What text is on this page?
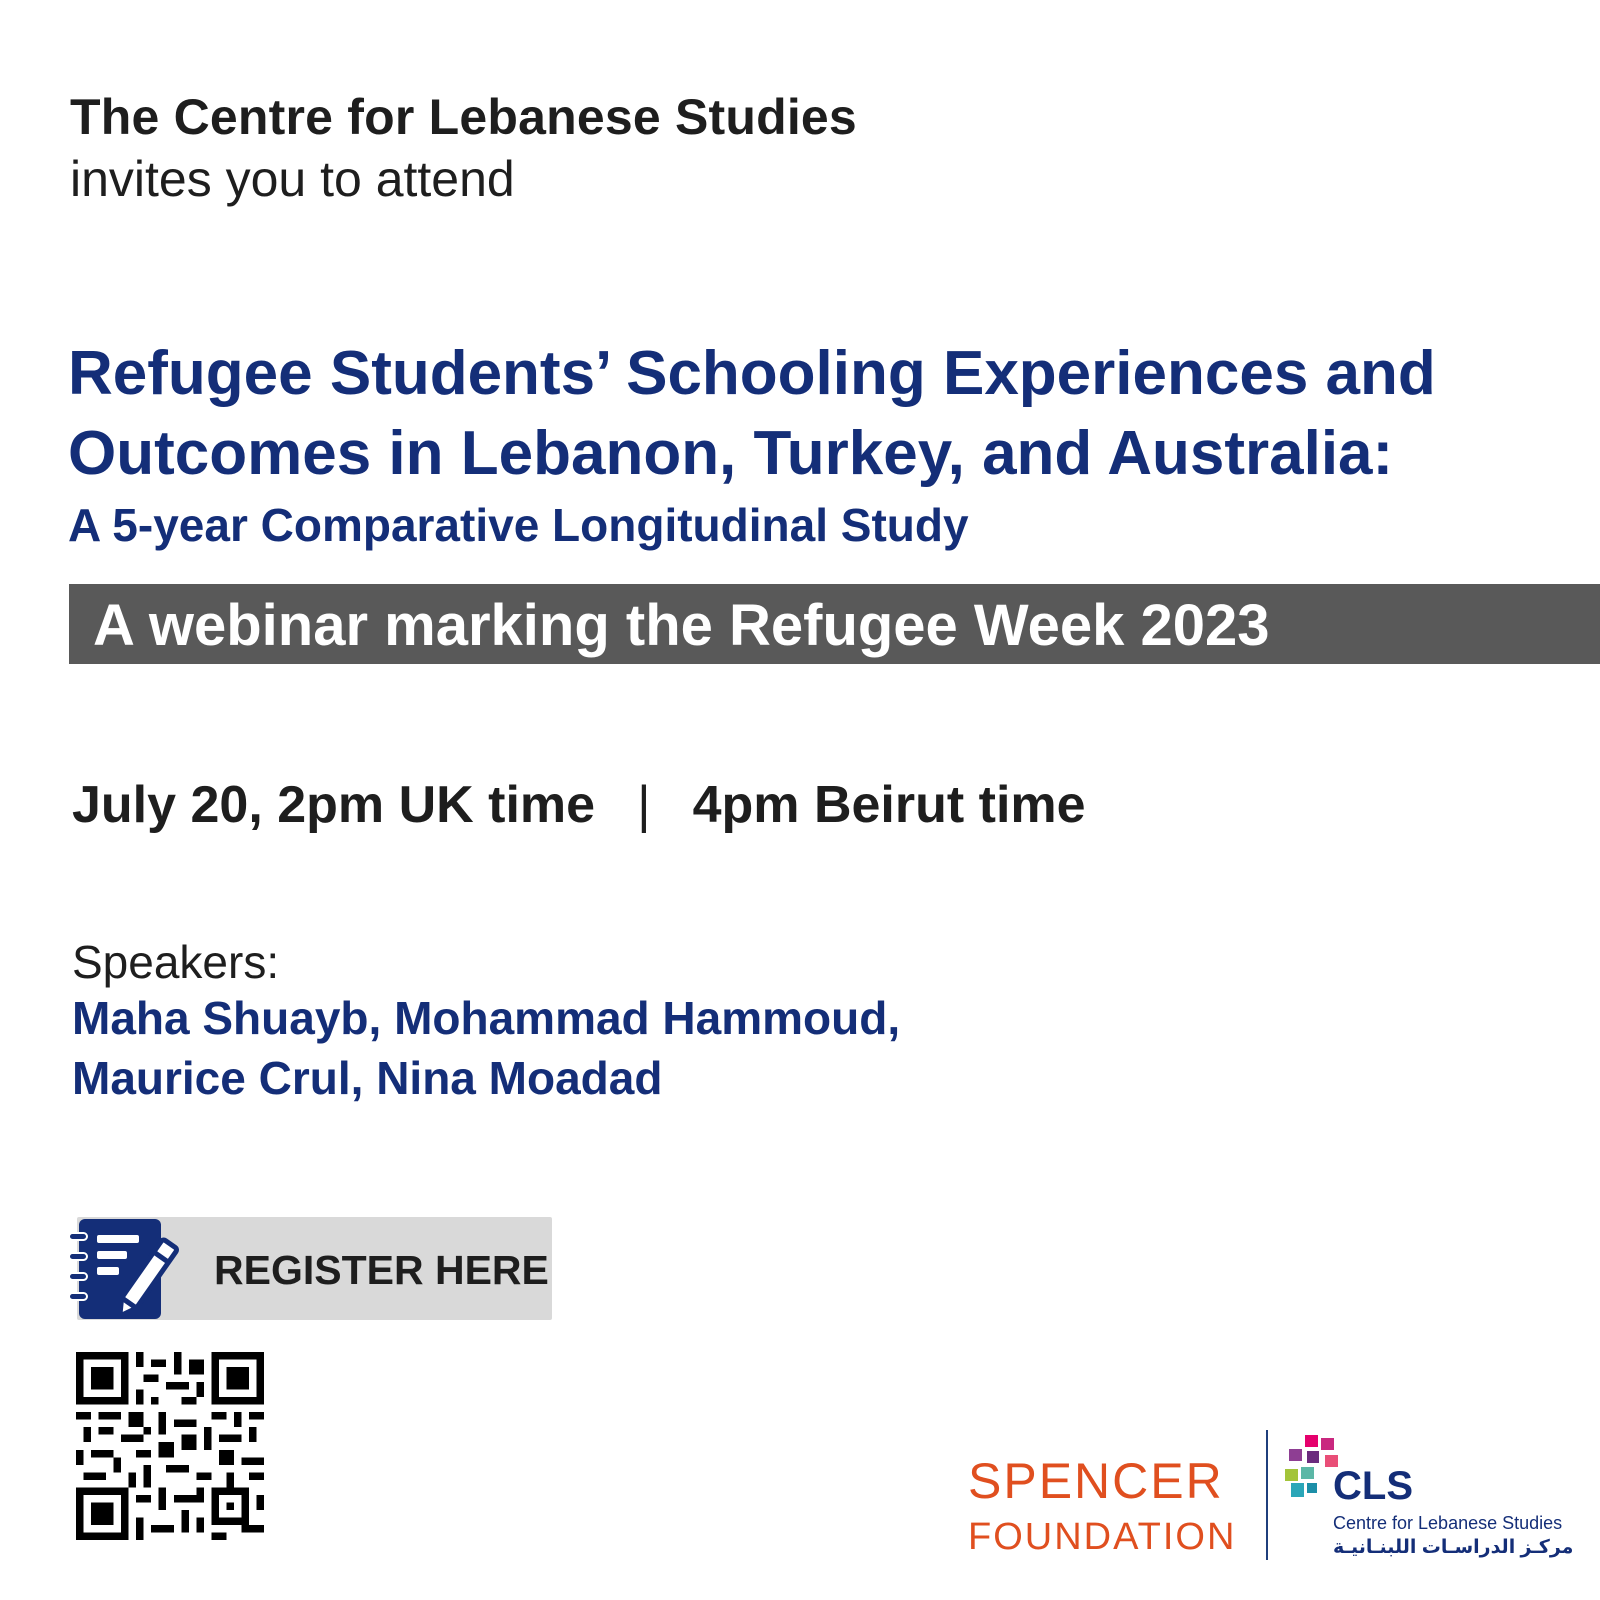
The Centre for Lebanese Studies
invites you to attend
Refugee Students’ Schooling Experiences and
Outcomes in Lebanon, Turkey, and Australia:
A 5-year Comparative Longitudinal Study
A webinar marking the Refugee Week 2023
July 20, 2pm UK time | 4pm Beirut time
Speakers:
Maha Shuayb, Mohammad Hammoud,
Maurice Crul, Nina Moadad
REGISTER HERE
SPENCER
FOUNDATION
CLS
Centre for Lebanese Studies
مركـز الدراسـات اللبنـانيـة
